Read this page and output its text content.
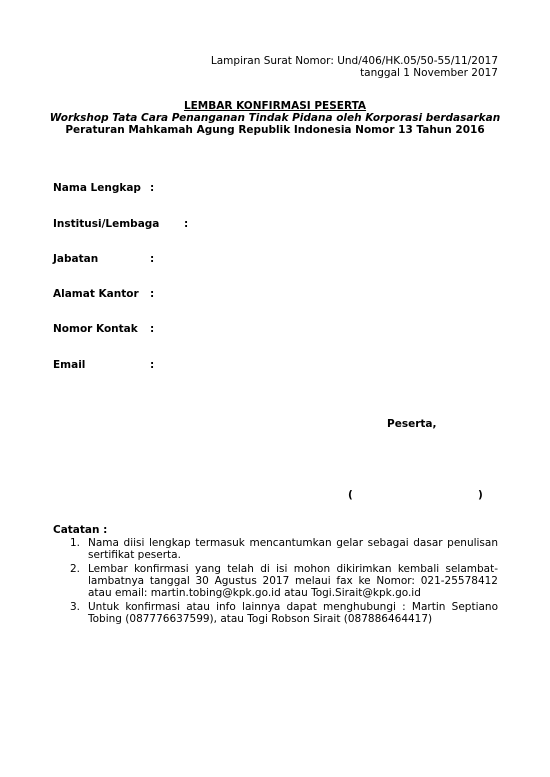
Lampiran Surat Nomor: Und/406/HK.05/50-55/11/2017
tanggal 1 November 2017
LEMBAR KONFIRMASI PESERTA
Workshop Tata Cara Penanganan Tindak Pidana oleh Korporasi berdasarkan
Peraturan Mahkamah Agung Republik Indonesia Nomor 13 Tahun 2016
Nama Lengkap :
Institusi/Lembaga :
Jabatan	:
Alamat Kantor :
Nomor Kontak :
Email	:
Peserta,
(	)
Catatan :
1. Nama diisi lengkap termasuk mencantumkan gelar sebagai dasar penulisan sertifikat peserta.
2. Lembar konfirmasi yang telah di isi mohon dikirimkan kembali selambat-lambatnya tanggal 30 Agustus 2017 melaui fax ke Nomor: 021-25578412 atau email: martin.tobing@kpk.go.id atau Togi.Sirait@kpk.go.id
3. Untuk konfirmasi atau info lainnya dapat menghubungi : Martin Septiano Tobing (087776637599), atau Togi Robson Sirait (087886464417)
